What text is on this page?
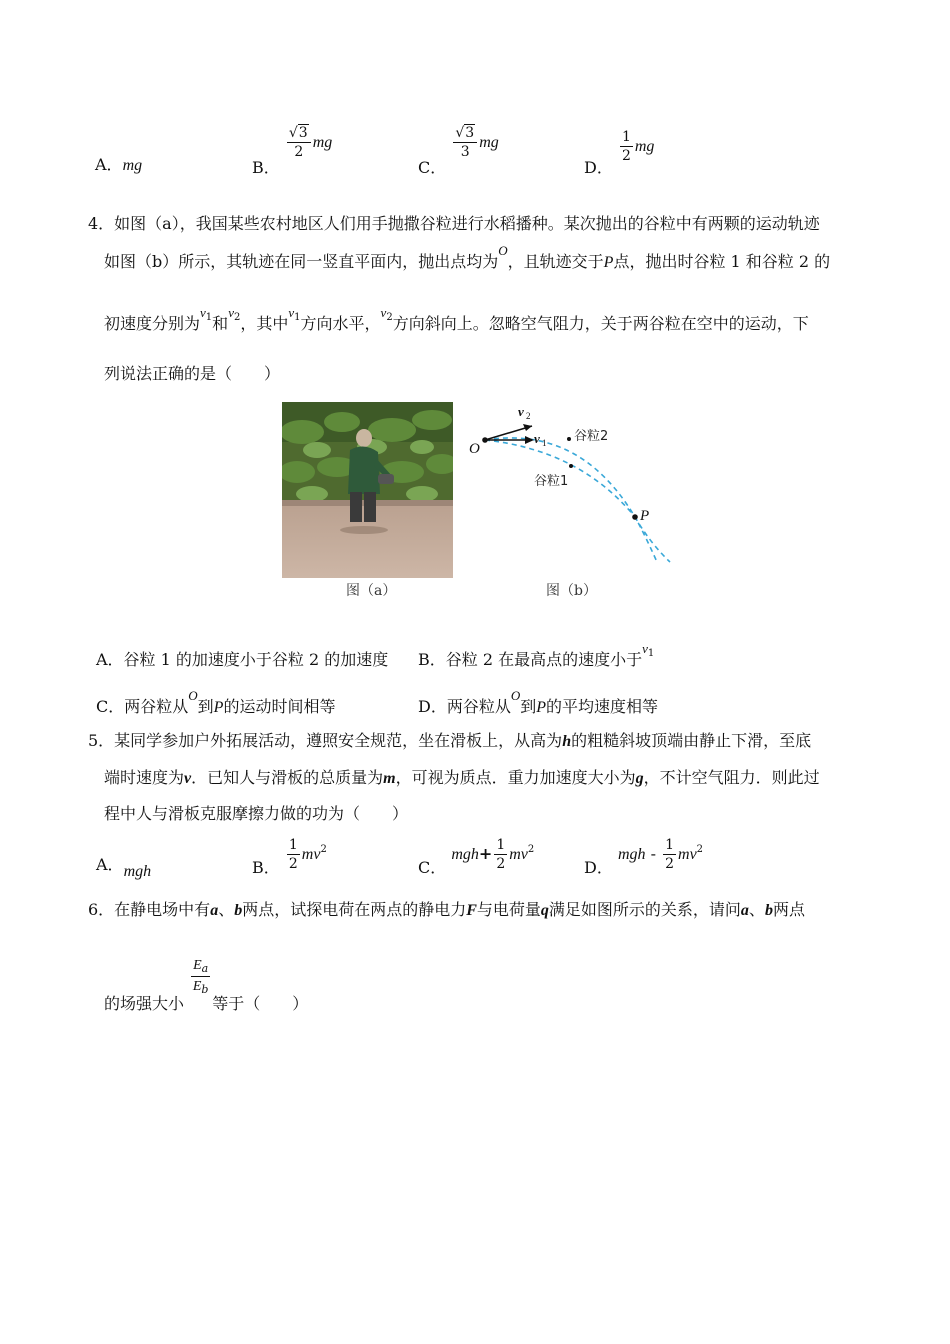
A．mg	B．
$\frac{√3}{2}$ mg
C．
$\frac{√3}{3}$ mg
D．
$\frac{1}{2}$ mg
4．如图（a），我国某些农村地区人们用手抛撒谷粒进行水稻播种。某次抛出的谷粒中有两颗的运动轨迹
如图（b）所示，其轨迹在同一竖直平面内，抛出点均为$^O$，且轨迹交于P点，抛出时谷粒 1 和谷粒 2 的
初速度分别为$^{v_1}$和$^{v_2}$，其中$^{v_1}$方向水平，$^{v_2}$方向斜向上。忽略空气阻力，关于两谷粒在空中的运动，下
列说法正确的是（　　）
图（a）
O
P
v 2
v 1 谷粒2
谷粒1
图（b）
A．谷粒 1 的加速度小于谷粒 2 的加速度 B．谷粒 2 在最高点的速度小于$^{v_1}$
C．两谷粒从$^O$到P的运动时间相等	D．两谷粒从$^O$到P的平均速度相等
5．某同学参加户外拓展活动，遵照安全规范，坐在滑板上，从高为h的粗糙斜坡顶端由静止下滑，至底
端时速度为v．已知人与滑板的总质量为m，可视为质点．重力加速度大小为g，不计空气阻力．则此过
程中人与滑板克服摩擦力做的功为（　　）
A．mgh	B． $\frac{1}{2} mv^2$
C． $mgh+ \frac{1}{2} mv^2$
D． mgh - $\frac{1}{2} mv^2$
6．在静电场中有a、b两点，试探电荷在两点的静电力F与电荷量q满足如图所示的关系，请问a、b两点
的场强大小
$\frac{E_a}{E_b}$
等于（　　）
